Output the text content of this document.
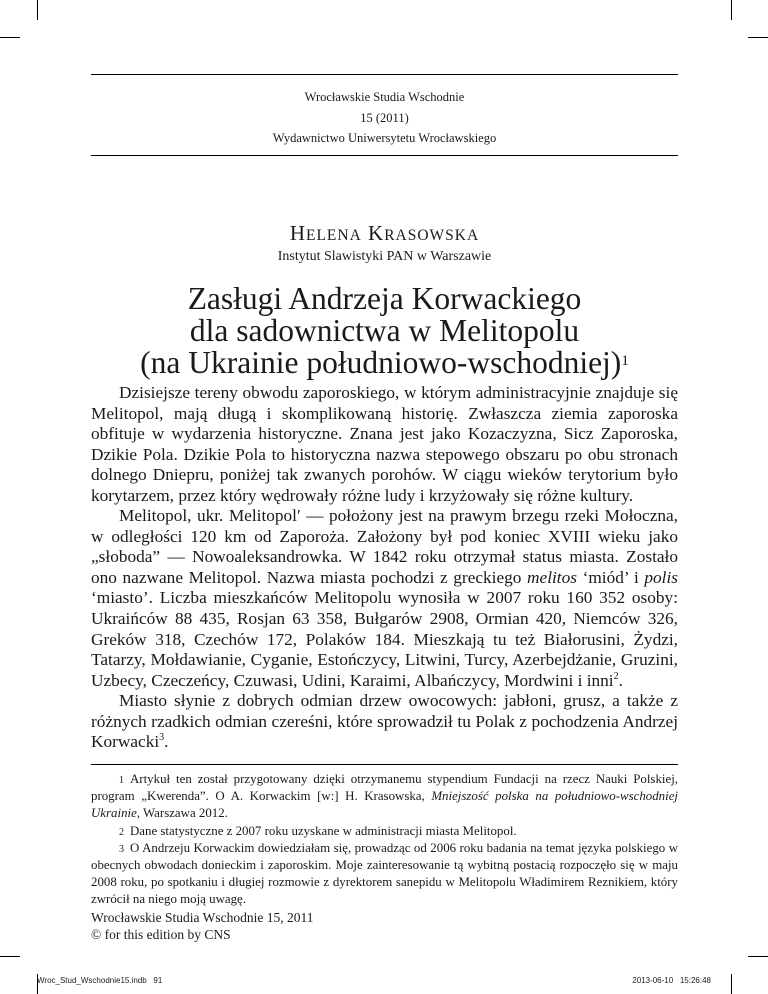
Wrocławskie Studia Wschodnie
15 (2011)
Wydawnictwo Uniwersytetu Wrocławskiego
HELENA KRASOWSKA
Instytut Slawistyki PAN w Warszawie
Zasługi Andrzeja Korwackiego
dla sadownictwa w Melitopolu
(na Ukrainie południowo-wschodniej)$^1$

Dzisiejsze tereny obwodu zaporoskiego, w którym administracyjnie znajduje się Melitopol, mają długą i skomplikowaną historię. Zwłaszcza ziemia zaporoska obfituje w wydarzenia historyczne. Znana jest jako Kozaczyzna, Sicz Zaporoska, Dzikie Pola. Dzikie Pola to historyczna nazwa stepowego obszaru po obu stronach dolnego Dniepru, poniżej tak zwanych porohów. W ciągu wieków terytorium było korytarzem, przez który wędrowały różne ludy i krzyżowały się różne kultury.

Melitopol, ukr. Melitopol′ — położony jest na prawym brzegu rzeki Mołoczna, w odległości 120 km od Zaporoża. Założony był pod koniec XVIII wieku jako „słoboda” — Nowoaleksandrowka. W 1842 roku otrzymał status miasta. Zostało ono nazwane Melitopol. Nazwa miasta pochodzi z greckiego melitos ‘miód’ i polis ‘miasto’. Liczba mieszkańców Melitopolu wynosiła w 2007 roku 160 352 osoby: Ukraińców 88 435, Rosjan 63 358, Bułgarów 2908, Ormian 420, Niemców 326, Greków 318, Czechów 172, Polaków 184. Mieszkają tu też Białorusini, Żydzi, Tatarzy, Mołdawianie, Cyganie, Estończycy, Litwini, Turcy, Azerbejdżanie, Gruzini, Uzbecy, Czeczeńcy, Czuwasi, Udini, Karaimi, Albańczycy, Mordwini i inni$^2$.

Miasto słynie z dobrych odmian drzew owocowych: jabłoni, grusz, a także z różnych rzadkich odmian czereśni, które sprowadził tu Polak z pochodzenia Andrzej Korwacki$^3$.

$^1$ Artykuł ten został przygotowany dzięki otrzymanemu stypendium Fundacji na rzecz Nauki Polskiej, program „Kwerenda”. O A. Korwackim [w:] H. Krasowska, Mniejszość polska na południowo-wschodniej Ukrainie, Warszawa 2012.

$^2$ Dane statystyczne z 2007 roku uzyskane w administracji miasta Melitopol.

$^3$ O Andrzeju Korwackim dowiedziałam się, prowadząc od 2006 roku badania na temat języka polskiego w obecnych obwodach donieckim i zaporoskim. Moje zainteresowanie tą wybitną postacią rozpoczęło się w maju 2008 roku, po spotkaniu i długiej rozmowie z dyrektorem sanepidu w Melitopolu Władimirem Reznikiem, który zwrócił na niego moją uwagę.

Wrocławskie Studia Wschodnie 15, 2011
© for this edition by CNS
Wroc_Stud_Wschodnie15.indb   91	2013-06-10   15:26:48
